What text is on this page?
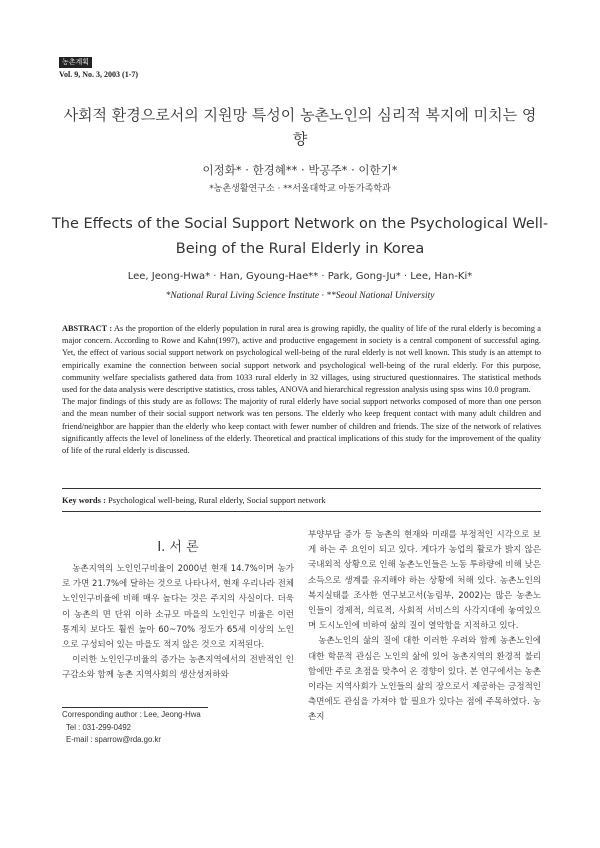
농촌계획
Vol. 9, No. 3, 2003 (1-7)
사회적 환경으로서의 지원망 특성이 농촌노인의 심리적 복지에 미치는 영향
이정화* · 한경혜** · 박공주* · 이한기*
*농촌생활연구소 · **서울대학교 아동가족학과
The Effects of the Social Support Network on the Psychological Well-Being of the Rural Elderly in Korea
Lee, Jeong-Hwa* · Han, Gyoung-Hae** · Park, Gong-Ju* · Lee, Han-Ki*
*National Rural Living Science Institute · **Seoul National University

ABSTRACT : As the proportion of the elderly population in rural area is growing rapidly, the quality of life of the rural elderly is becoming a major concern. According to Rowe and Kahn(1997), active and productive engagement in society is a central component of successful aging. Yet, the effect of various social support network on psychological well-being of the rural elderly is not well known. This study is an attempt to empirically examine the connection between social support network and psychological well-being of the rural elderly. For this purpose, community welfare specialists gathered data from 1033 rural elderly in 32 villages, using structured questionnaires. The statistical methods used for the data analysis were descriptive statistics, cross tables, ANOVA and hierarchical regression analysis using spss wins 10.0 program.

The major findings of this study are as follows: The majority of rural elderly have social support networks composed of more than one person and the mean number of their social support network was ten persons. The elderly who keep frequent contact with many adult children and friend/neighbor are happier than the elderly who keep contact with fewer number of children and friends. The size of the network of relatives significantly affects the level of loneliness of the elderly. Theoretical and practical implications of this study for the improvement of the quality of life of the rural elderly is discussed.

Key words : Psychological well-being, Rural elderly, Social support network
I. 서 론

농촌지역의 노인인구비율이 2000년 현재 14.7%이며 농가로 가면 21.7%에 달하는 것으로 나타나서, 현재 우리나라 전체 노인인구비율에 비해 매우 높다는 것은 주지의 사실이다. 더욱이 농촌의 면 단위 이하 소규모 마을의 노인인구 비율은 이런 통계치 보다도 훨씬 높아 60~70% 정도가 65세 이상의 노인으로 구성되어 있는 마을도 적지 않은 것으로 지적된다.

이러한 노인인구비율의 증가는 농촌지역에서의 전반적인 인구감소와 함께 농촌 지역사회의 생산성저하와

부양부담 증가 등 농촌의 현재와 미래를 부정적인 시각으로 보게 하는 주 요인이 되고 있다. 게다가 농업의 활로가 밝지 않은 국내외적 상황으로 인해 농촌노인들은 노동 투하량에 비해 낮은 소득으로 생계를 유지해야 하는 상황에 처해 있다. 농촌노인의 복지실태를 조사한 연구보고서(농림부, 2002)는 많은 농촌노인들이 경제적, 의료적, 사회적 서비스의 사각지대에 놓여있으며 도시노인에 비하여 삶의 질이 열악함을 지적하고 있다.

농촌노인의 삶의 질에 대한 이러한 우려와 함께 농촌노인에 대한 학문적 관심은 노인의 삶에 있어 농촌지역의 환경적 불리함에만 주로 초점을 맞추어 온 경향이 있다. 본 연구에서는 농촌이라는 지역사회가 노인들의 삶의 장으로서 제공하는 긍정적인 측면에도 관심을 가져야 할 필요가 있다는 점에 주목하였다. 농촌지

Corresponding author : Lee, Jeong-Hwa
Tel : 031-299-0492
E-mail : sparrow@rda.go.kr
